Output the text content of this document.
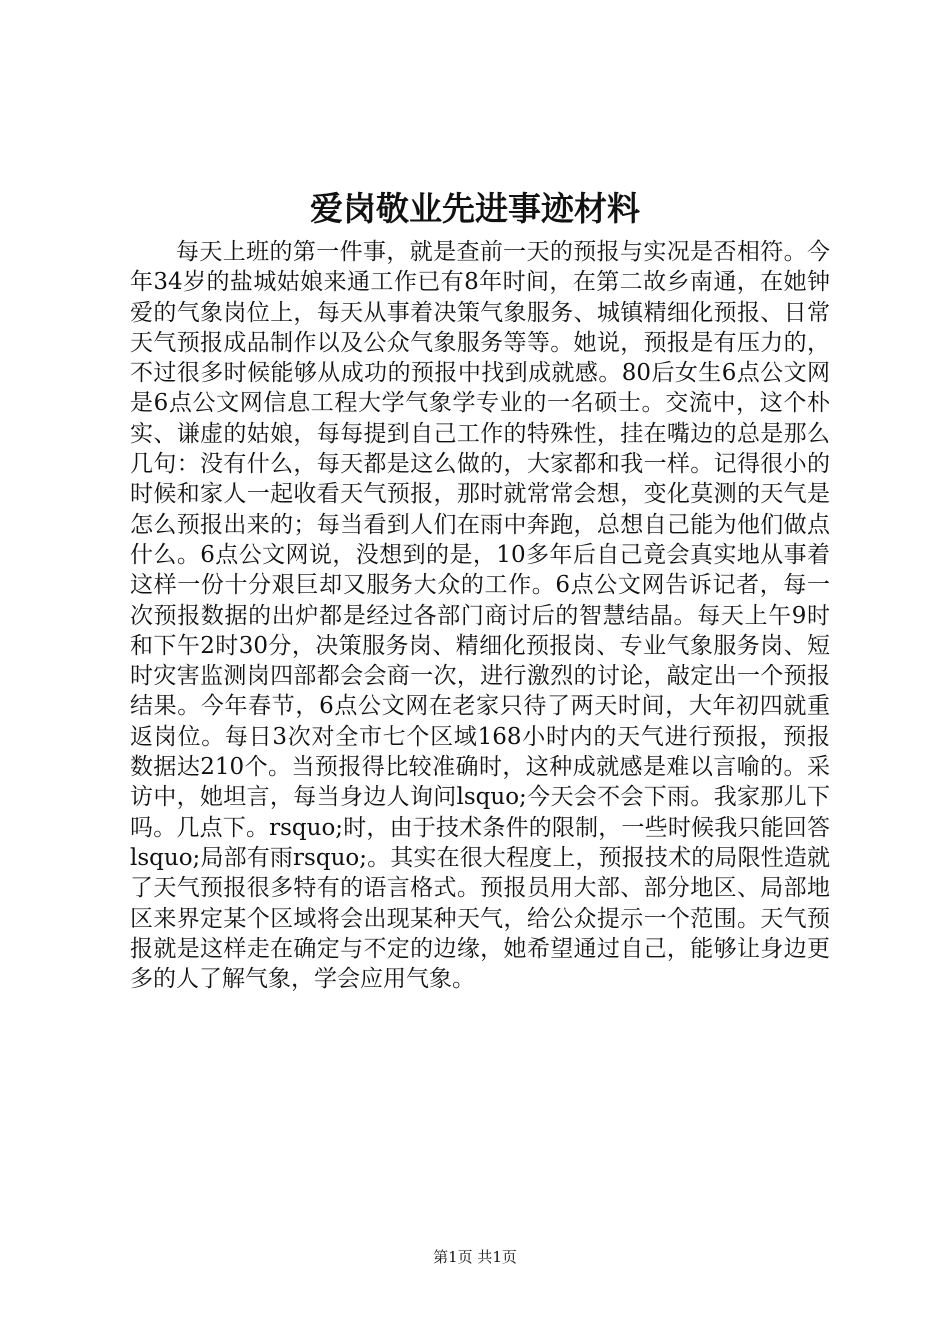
爱岗敬业先进事迹材料

每天上班的第一件事，就是查前一天的预报与实况是否相符。今年34岁的盐城姑娘来通工作已有8年时间，在第二故乡南通，在她钟爱的气象岗位上，每天从事着决策气象服务、城镇精细化预报、日常天气预报成品制作以及公众气象服务等等。她说，预报是有压力的，不过很多时候能够从成功的预报中找到成就感。80后女生6点公文网是6点公文网信息工程大学气象学专业的一名硕士。交流中，这个朴实、谦虚的姑娘，每每提到自己工作的特殊性，挂在嘴边的总是那么几句：没有什么，每天都是这么做的，大家都和我一样。记得很小的时候和家人一起收看天气预报，那时就常常会想，变化莫测的天气是怎么预报出来的；每当看到人们在雨中奔跑，总想自己能为他们做点什么。6点公文网说，没想到的是，10多年后自己竟会真实地从事着这样一份十分艰巨却又服务大众的工作。6点公文网告诉记者，每一次预报数据的出炉都是经过各部门商讨后的智慧结晶。每天上午9时和下午2时30分，决策服务岗、精细化预报岗、专业气象服务岗、短时灾害监测岗四部都会会商一次，进行激烈的讨论，敲定出一个预报结果。今年春节，6点公文网在老家只待了两天时间，大年初四就重返岗位。每日3次对全市七个区域168小时内的天气进行预报，预报数据达210个。当预报得比较准确时，这种成就感是难以言喻的。采访中，她坦言，每当身边人询问lsquo;今天会不会下雨。我家那儿下吗。几点下。rsquo;时，由于技术条件的限制，一些时候我只能回答lsquo;局部有雨rsquo;。其实在很大程度上，预报技术的局限性造就了天气预报很多特有的语言格式。预报员用大部、部分地区、局部地区来界定某个区域将会出现某种天气，给公众提示一个范围。天气预报就是这样走在确定与不定的边缘，她希望通过自己，能够让身边更多的人了解气象，学会应用气象。

第1页 共1页
